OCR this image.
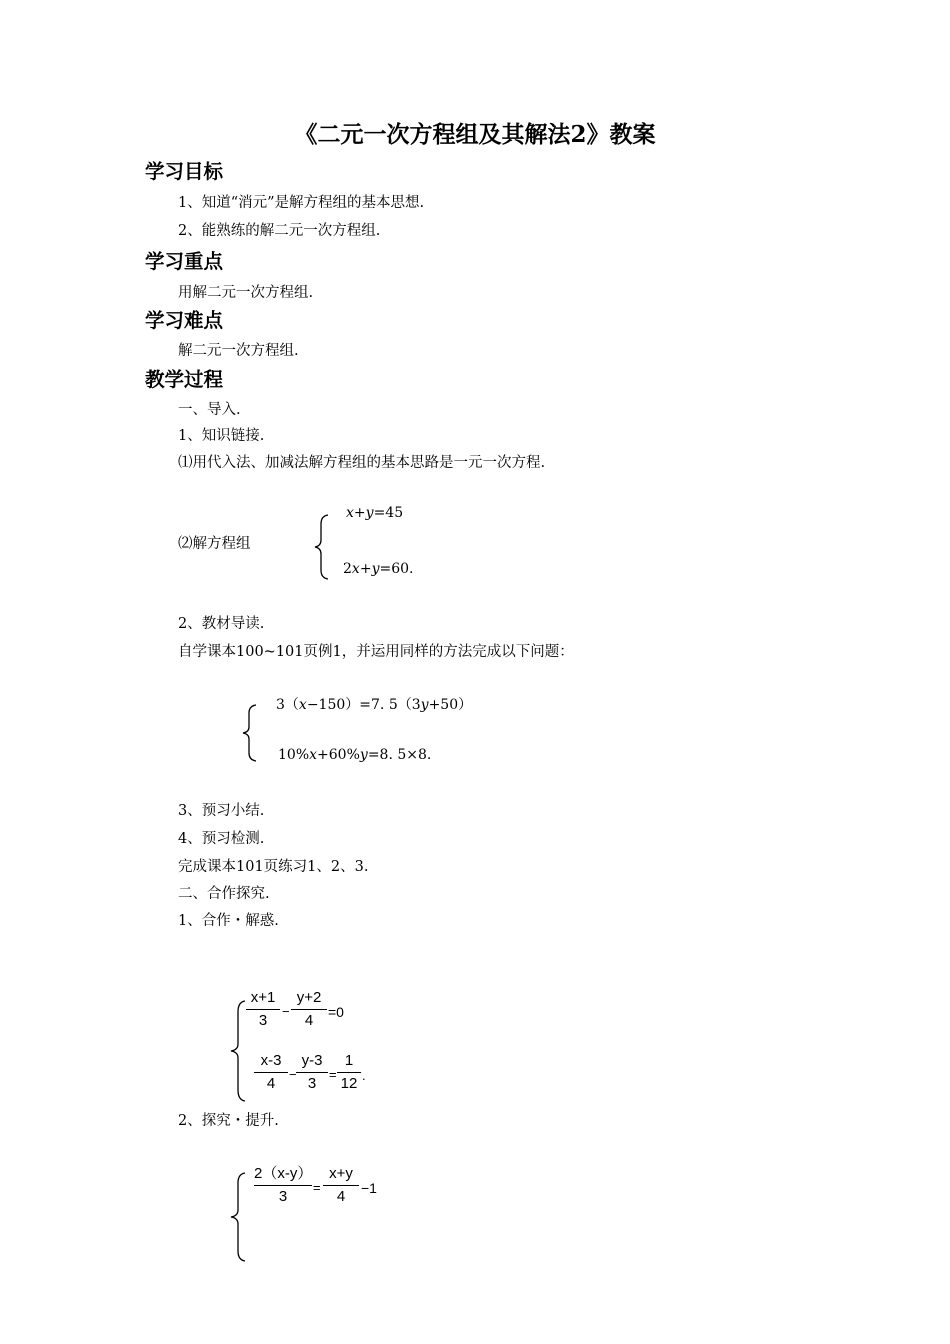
《二元一次方程组及其解法2》教案
学习目标
1、知道“消元”是解方程组的基本思想.
2、能熟练的解二元一次方程组.
学习重点
用解二元一次方程组.
学习难点
解二元一次方程组.
教学过程
一、导入.
1、知识链接.
⑴用代入法、加减法解方程组的基本思路是一元一次方程.
⑵解方程组
x+y=45
2x+y=60.
2、教材导读.
自学课本100~101页例1，并运用同样的方法完成以下问题：
3（x−150）=7. 5（3y+50）
10%x+60%y=8. 5×8.
3、预习小结.
4、预习检测.
完成课本101页练习1、2、3.
二、合作探究.
1、合作・解惑.
x+1
3
−
y+2
4	=0
x-3
4
−
y-3
3
=
1
12 .
2、探究・提升.
2（x-y）
3
=
x+y
4	−1
